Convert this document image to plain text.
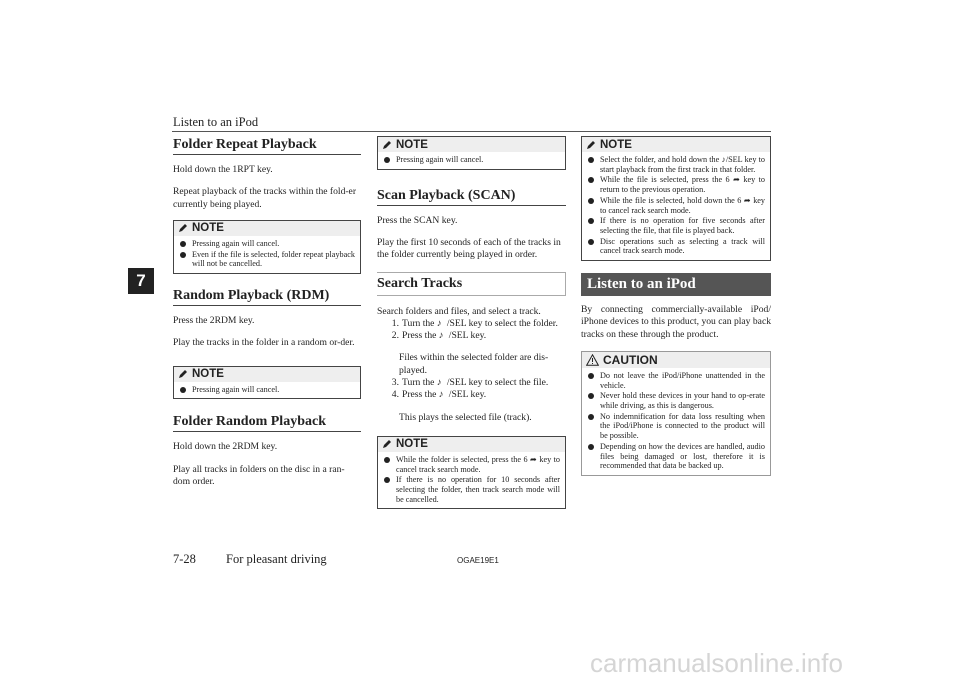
Listen to an iPod
7
Folder Repeat Playback

Hold down the 1RPT key.

Repeat playback of the tracks within the fold-er currently being played.

NOTE
Pressing again will cancel.
Even if the file is selected, folder repeat playback will not be cancelled.
Random Playback (RDM)

Press the 2RDM key.

Play the tracks in the folder in a random or-der.

NOTE
Pressing again will cancel.
Folder Random Playback

Hold down the 2RDM key.

Play all tracks in folders on the disc in a ran-dom order.

NOTE
Pressing again will cancel.
Scan Playback (SCAN)

Press the SCAN key.

Play the first 10 seconds of each of the tracks in the folder currently being played in order.

Search Tracks

Search folders and files, and select a track.

1. Turn the ♪ /SEL key to select the folder.
2. Press the ♪ /SEL key.

Files within the selected folder are dis-played.

3. Turn the ♪ /SEL key to select the file.
4. Press the ♪ /SEL key.

This plays the selected file (track).

NOTE
While the folder is selected, press the 6 ➦ key to cancel track search mode.
If there is no operation for 10 seconds after selecting the folder, then track search mode will be cancelled.
NOTE
Select the folder, and hold down the ♪/SEL key to start playback from the first track in that folder.
While the file is selected, press the 6 ➦ key to return to the previous operation.
While the file is selected, hold down the 6 ➦ key to cancel rack search mode.
If there is no operation for five seconds after selecting the file, that file is played back.
Disc operations such as selecting a track will cancel track search mode.
Listen to an iPod

By connecting commercially-available iPod/ iPhone devices to this product, you can play back tracks on these through the product.

CAUTION
Do not leave the iPod/iPhone unattended in the vehicle.
Never hold these devices in your hand to op-erate while driving, as this is dangerous.
No indemnification for data loss resulting when the iPod/iPhone is connected to the product will be possible.
Depending on how the devices are handled, audio files being damaged or lost, therefore it is recommended that data be backed up.
7-28 For pleasant driving	OGAE19E1
carmanualsonline.info
